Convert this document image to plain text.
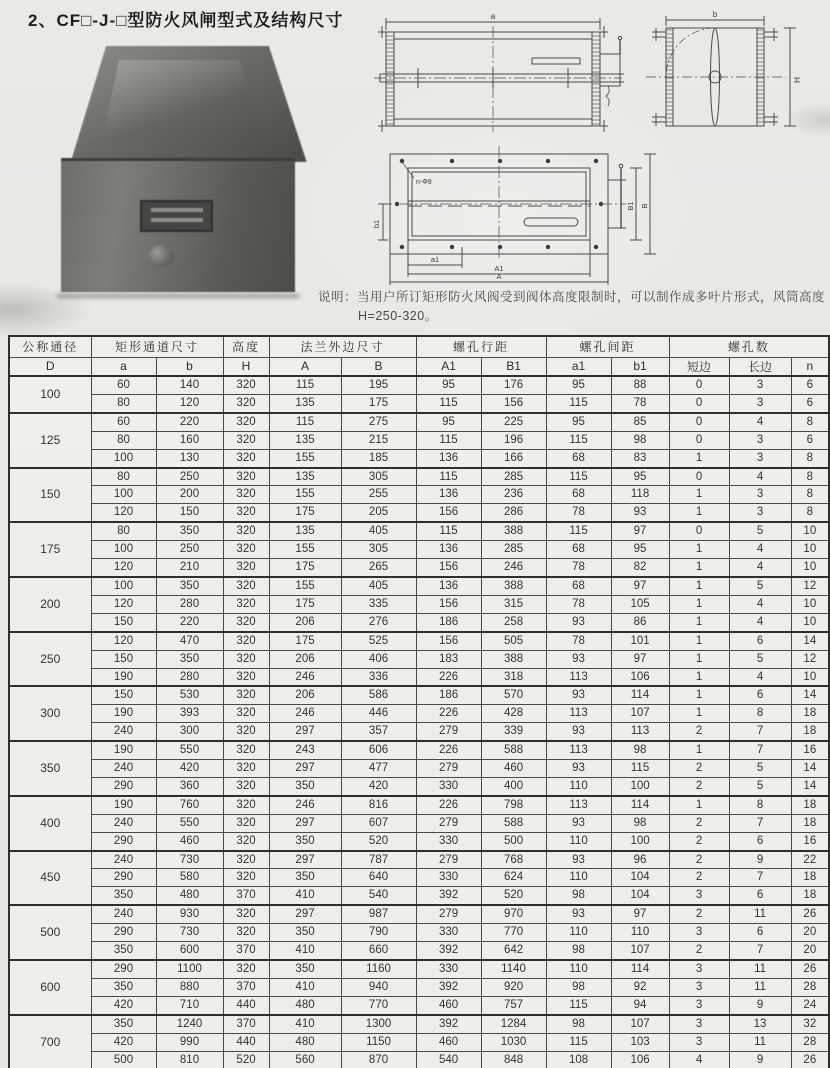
2、CF□-J-□型防火风闸型式及结构尺寸	a	b
H
n-Φ9
a1
A1
A
b1
B1 B
说明：当用户所订矩形防火风阀受到阀体高度限制时，可以制作成多叶片形式，风筒高度H=250-320。
公称通径	矩形通道尺寸		高度	法兰外边尺寸		螺孔行距		螺孔间距		螺孔数		
D	a	b	H	A	B	A1	B1	a1	b1	短边	长边	n
100	60	140	320	115	195	95	176	95	88	0	3	6
	80	120	320	135	175	115	156	115	78	0	3	6
125	60	220	320	115	275	95	225	95	85	0	4	8
	80	160	320	135	215	115	196	115	98	0	3	6
	100	130	320	155	185	136	166	68	83	1	3	8
150	80	250	320	135	305	115	285	115	95	0	4	8
	100	200	320	155	255	136	236	68	118	1	3	8
	120	150	320	175	205	156	286	78	93	1	3	8
175	80	350	320	135	405	115	388	115	97	0	5	10
	100	250	320	155	305	136	285	68	95	1	4	10
	120	210	320	175	265	156	246	78	82	1	4	10
200	100	350	320	155	405	136	388	68	97	1	5	12
	120	280	320	175	335	156	315	78	105	1	4	10
	150	220	320	206	276	186	258	93	86	1	4	10
250	120	470	320	175	525	156	505	78	101	1	6	14
	150	350	320	206	406	183	388	93	97	1	5	12
	190	280	320	246	336	226	318	113	106	1	4	10
300	150	530	320	206	586	186	570	93	114	1	6	14
	190	393	320	246	446	226	428	113	107	1	8	18
	240	300	320	297	357	279	339	93	113	2	7	18
350	190	550	320	243	606	226	588	113	98	1	7	16
	240	420	320	297	477	279	460	93	115	2	5	14
	290	360	320	350	420	330	400	110	100	2	5	14
400	190	760	320	246	816	226	798	113	114	1	8	18
	240	550	320	297	607	279	588	93	98	2	7	18
	290	460	320	350	520	330	500	110	100	2	6	16
450	240	730	320	297	787	279	768	93	96	2	9	22
	290	580	320	350	640	330	624	110	104	2	7	18
	350	480	370	410	540	392	520	98	104	3	6	18
500	240	930	320	297	987	279	970	93	97	2	11	26
	290	730	320	350	790	330	770	110	110	3	6	20
	350	600	370	410	660	392	642	98	107	2	7	20
600	290	1100	320	350	1160	330	1140	110	114	3	11	26
	350	880	370	410	940	392	920	98	92	3	11	28
	420	710	440	480	770	460	757	115	94	3	9	24
700	350	1240	370	410	1300	392	1284	98	107	3	13	32
	420	990	440	480	1150	460	1030	115	103	3	11	28
	500	810	520	560	870	540	848	108	106	4	9	26
